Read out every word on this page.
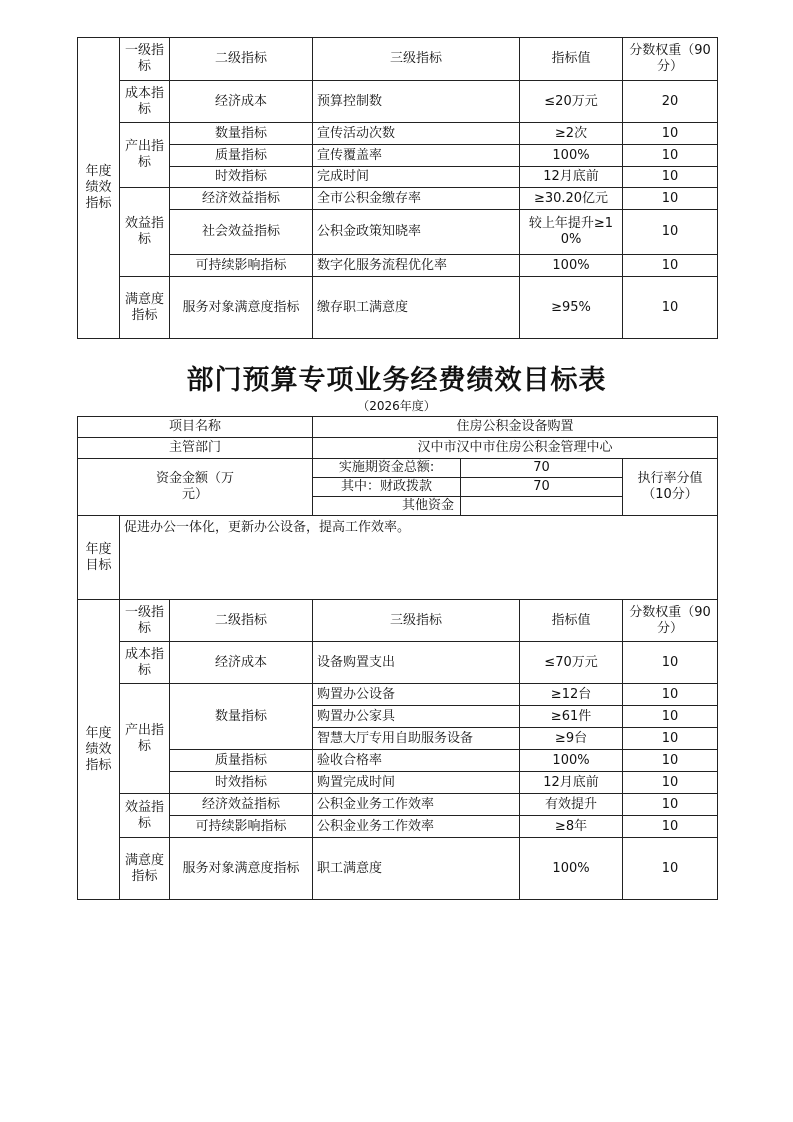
年度绩效指标	一级指标	二级指标	三级指标	指标值	分数权重（90分）
	成本指标	经济成本	预算控制数	≤20万元	20
	产出指标	数量指标	宣传活动次数	≥2次	10
		质量指标	宣传覆盖率	100%	10
		时效指标	完成时间	12月底前	10
	效益指标	经济效益指标	全市公积金缴存率	≥30.20亿元	10
		社会效益指标	公积金政策知晓率	较上年提升≥10%	10
		可持续影响指标	数字化服务流程优化率	100%	10
	满意度指标	服务对象满意度指标	缴存职工满意度	≥95%	10
部门预算专项业务经费绩效目标表
（2026年度）
项目名称			住房公积金设备购置			
主管部门			汉中市汉中市住房公积金管理中心			
资金金额（万元）			实施期资金总额:	70		执行率分值（10分）
			其中：财政拨款	70		
			其他资金			
年度目标	促进办公一体化，更新办公设备，提高工作效率。					
年度绩效指标	一级指标	二级指标	三级指标		指标值	分数权重（90分）
	成本指标	经济成本	设备购置支出		≤70万元	10
	产出指标	数量指标	购置办公设备		≥12台	10
			购置办公家具		≥61件	10
			智慧大厅专用自助服务设备		≥9台	10
		质量指标	验收合格率		100%	10
		时效指标	购置完成时间		12月底前	10
	效益指标	经济效益指标	公积金业务工作效率		有效提升	10
		可持续影响指标	公积金业务工作效率		≥8年	10
	满意度指标	服务对象满意度指标	职工满意度		100%	10
